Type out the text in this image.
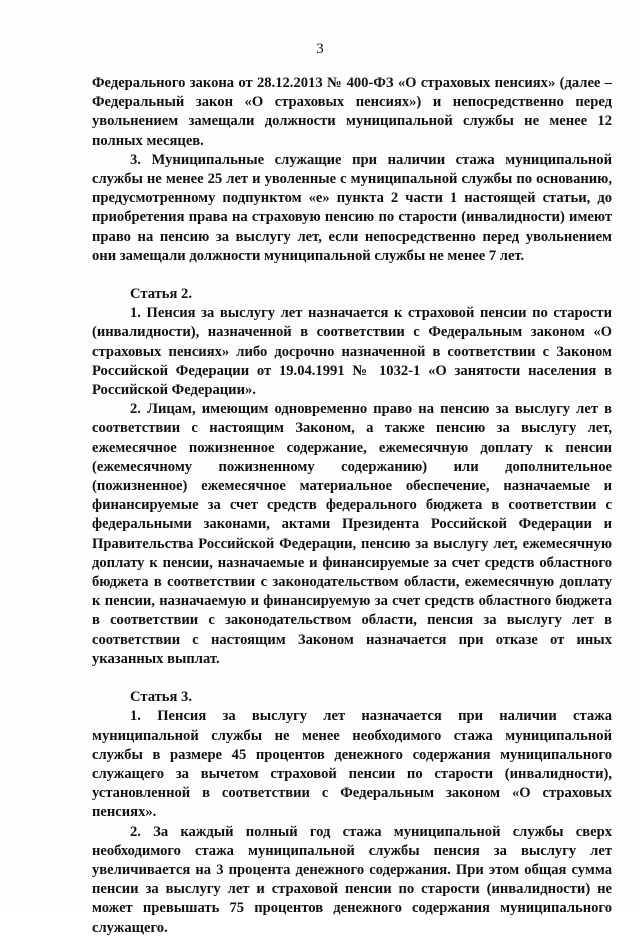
3

Федерального закона от 28.12.2013 № 400-ФЗ «О страховых пенсиях» (далее – Федеральный закон «О страховых пенсиях») и непосредственно перед увольнением замещали должности муниципальной службы не менее 12 полных месяцев.

3. Муниципальные служащие при наличии стажа муниципальной службы не менее 25 лет и уволенные с муниципальной службы по основанию, предусмотренному подпунктом «е» пункта 2 части 1 настоящей статьи, до приобретения права на страховую пенсию по старости (инвалидности) имеют право на пенсию за выслугу лет, если непосредственно перед увольнением они замещали должности муниципальной службы не менее 7 лет.

Статья 2.

1. Пенсия за выслугу лет назначается к страховой пенсии по старости (инвалидности), назначенной в соответствии с Федеральным законом «О страховых пенсиях» либо досрочно назначенной в соответствии с Законом Российской Федерации от 19.04.1991 № 1032-1 «О занятости населения в Российской Федерации».

2. Лицам, имеющим одновременно право на пенсию за выслугу лет в соответствии с настоящим Законом, а также пенсию за выслугу лет, ежемесячное пожизненное содержание, ежемесячную доплату к пенсии (ежемесячному пожизненному содержанию) или дополнительное (пожизненное) ежемесячное материальное обеспечение, назначаемые и финансируемые за счет средств федерального бюджета в соответствии с федеральными законами, актами Президента Российской Федерации и Правительства Российской Федерации, пенсию за выслугу лет, ежемесячную доплату к пенсии, назначаемые и финансируемые за счет средств областного бюджета в соответствии с законодательством области, ежемесячную доплату к пенсии, назначаемую и финансируемую за счет средств областного бюджета в соответствии с законодательством области, пенсия за выслугу лет в соответствии с настоящим Законом назначается при отказе от иных указанных выплат.

Статья 3.

1. Пенсия за выслугу лет назначается при наличии стажа муниципальной службы не менее необходимого стажа муниципальной службы в размере 45 процентов денежного содержания муниципального служащего за вычетом страховой пенсии по старости (инвалидности), установленной в соответствии с Федеральным законом «О страховых пенсиях».

2. За каждый полный год стажа муниципальной службы сверх необходимого стажа муниципальной службы пенсия за выслугу лет увеличивается на 3 процента денежного содержания. При этом общая сумма пенсии за выслугу лет и страховой пенсии по старости (инвалидности) не может превышать 75 процентов денежного содержания муниципального служащего.
